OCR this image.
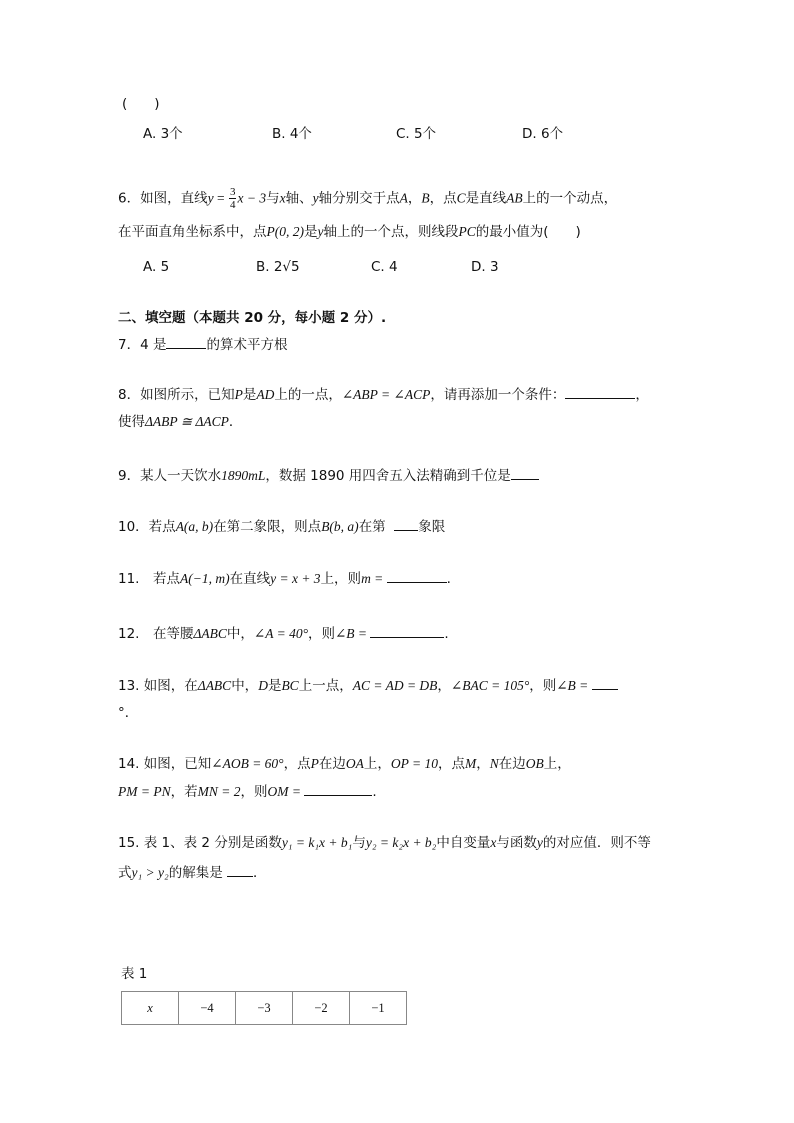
(　　)
A. 3个	B. 4个	C. 5个	D. 6个
6．如图，直线$y = \frac{3}{4}$ x − 3与x轴、y轴分别交于点A，B，点C是直线AB上的一个动点，
在平面直角坐标系中，点P(0, 2)是y轴上的一个点，则线段PC的最小值为(　　)
A. 5	B. 2√5	C. 4	D. 3
二、填空题（本题共 20 分，每小题 2 分）.
7．4 是	的算术平方根
8．如图所示，已知P是AD上的一点，∠ABP = ∠ACP，请再添加一个条件：	，
使得ΔABP ≅ ΔACP．
9．某人一天饮水1890mL，数据 1890 用四舍五入法精确到千位是
10．若点A(a, b)在第二象限，则点B(b, a)在第 象限
11.　若点A(−1, m)在直线y = x + 3上，则m =	.
12.　在等腰ΔABC中，∠A = 40°，则∠B =	.
13. 如图，在ΔABC中，D是BC上一点，AC = AD = DB，∠BAC = 105°，则∠B =
°．
14. 如图，已知∠AOB = 60°，点P在边OA上，OP = 10，点M，N在边OB上，
PM = PN，若MN = 2，则OM =	.
15. 表 1、表 2 分别是函数y₁ = k₁x + b₁与y₂ = k₂x + b₂中自变量x与函数y的对应值．则不等
式y₁ > y₂的解集是 ．
表 1
x	−4	−3	−2	−1
